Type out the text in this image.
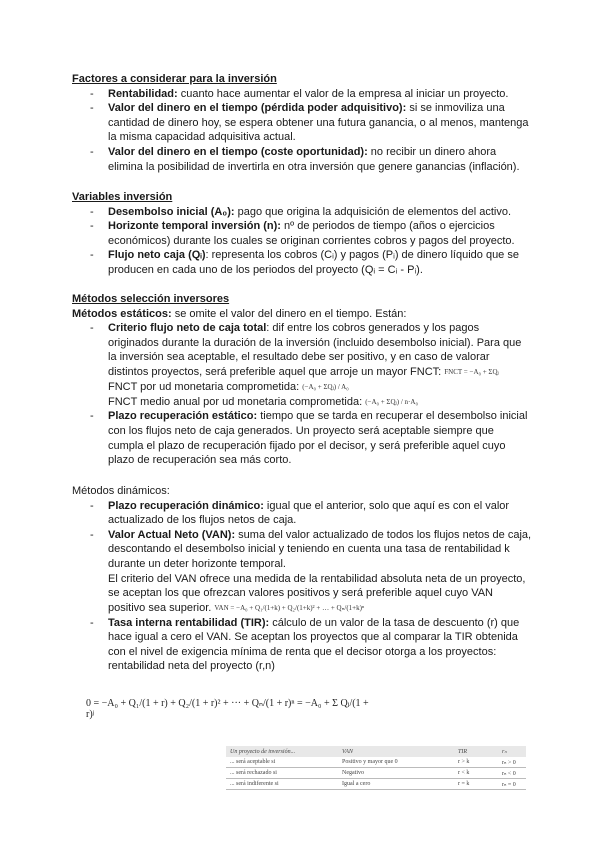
Factores a considerar para la inversión
- Rentabilidad: cuanto hace aumentar el valor de la empresa al iniciar un proyecto.
- Valor del dinero en el tiempo (pérdida poder adquisitivo): si se inmoviliza una cantidad de dinero hoy, se espera obtener una futura ganancia, o al menos, mantenga la misma capacidad adquisitiva actual.
- Valor del dinero en el tiempo (coste oportunidad): no recibir un dinero ahora elimina la posibilidad de invertirla en otra inversión que genere ganancias (inflación).
Variables inversión
- Desembolso inicial (A₀): pago que origina la adquisición de elementos del activo.
- Horizonte temporal inversión (n): nº de periodos de tiempo (años o ejercicios económicos) durante los cuales se originan corrientes cobros y pagos del proyecto.
- Flujo neto caja (Qᵢ): representa los cobros (Cᵢ) y pagos (Pᵢ) de dinero líquido que se producen en cada uno de los periodos del proyecto (Qᵢ = Cᵢ - Pᵢ).
Métodos selección inversores
Métodos estáticos: se omite el valor del dinero en el tiempo. Están:
- Criterio flujo neto de caja total: dif entre los cobros generados y los pagos originados durante la duración de la inversión (incluido desembolso inicial). Para que la inversión sea aceptable, el resultado debe ser positivo, y en caso de valorar distintos proyectos, será preferible aquel que arroje un mayor FNCT: FNCT = −A₀ + ΣQⱼ
FNCT por ud monetaria comprometida: (−A₀ + ΣQⱼ) / A₀
FNCT medio anual por ud monetaria comprometida: (−A₀ + ΣQⱼ) / n·A₀
- Plazo recuperación estático: tiempo que se tarda en recuperar el desembolso inicial con los flujos neto de caja generados. Un proyecto será aceptable siempre que cumpla el plazo de recuperación fijado por el decisor, y será preferible aquel cuyo plazo de recuperación sea más corto.
Métodos dinámicos:
- Plazo recuperación dinámico: igual que el anterior, solo que aquí es con el valor actualizado de los flujos netos de caja.
- Valor Actual Neto (VAN): suma del valor actualizado de todos los flujos netos de caja, descontando el desembolso inicial y teniendo en cuenta una tasa de rentabilidad k durante un deter horizonte temporal.
El criterio del VAN ofrece una medida de la rentabilidad absoluta neta de un proyecto, se aceptan los que ofrezcan valores positivos y será preferible aquel cuyo VAN positivo sea superior. VAN = −A₀ + Q₁/(1+k) + Q₂/(1+k)² + … + Qₙ/(1+k)ⁿ
- Tasa interna rentabilidad (TIR): cálculo de un valor de la tasa de descuento (r) que hace igual a cero el VAN. Se aceptan los proyectos que al comparar la TIR obtenida con el nivel de exigencia mínima de renta que el decisor otorga a los proyectos: rentabilidad neta del proyecto (r,n)
0 = −A₀ + Q₁/(1 + r) + Q₂/(1 + r)² + ··· + Qₙ/(1 + r)ⁿ = −A₀ + Σ Qⱼ/(1 + r)ʲ
Un proyecto de inversión...	VAN	TIR	rₙ
... será aceptable si	Positivo y mayor que 0	r > k	rₙ > 0
... será rechazado si	Negativo	r < k	rₙ < 0
... será indiferente si	Igual a cero	r = k	rₙ = 0
